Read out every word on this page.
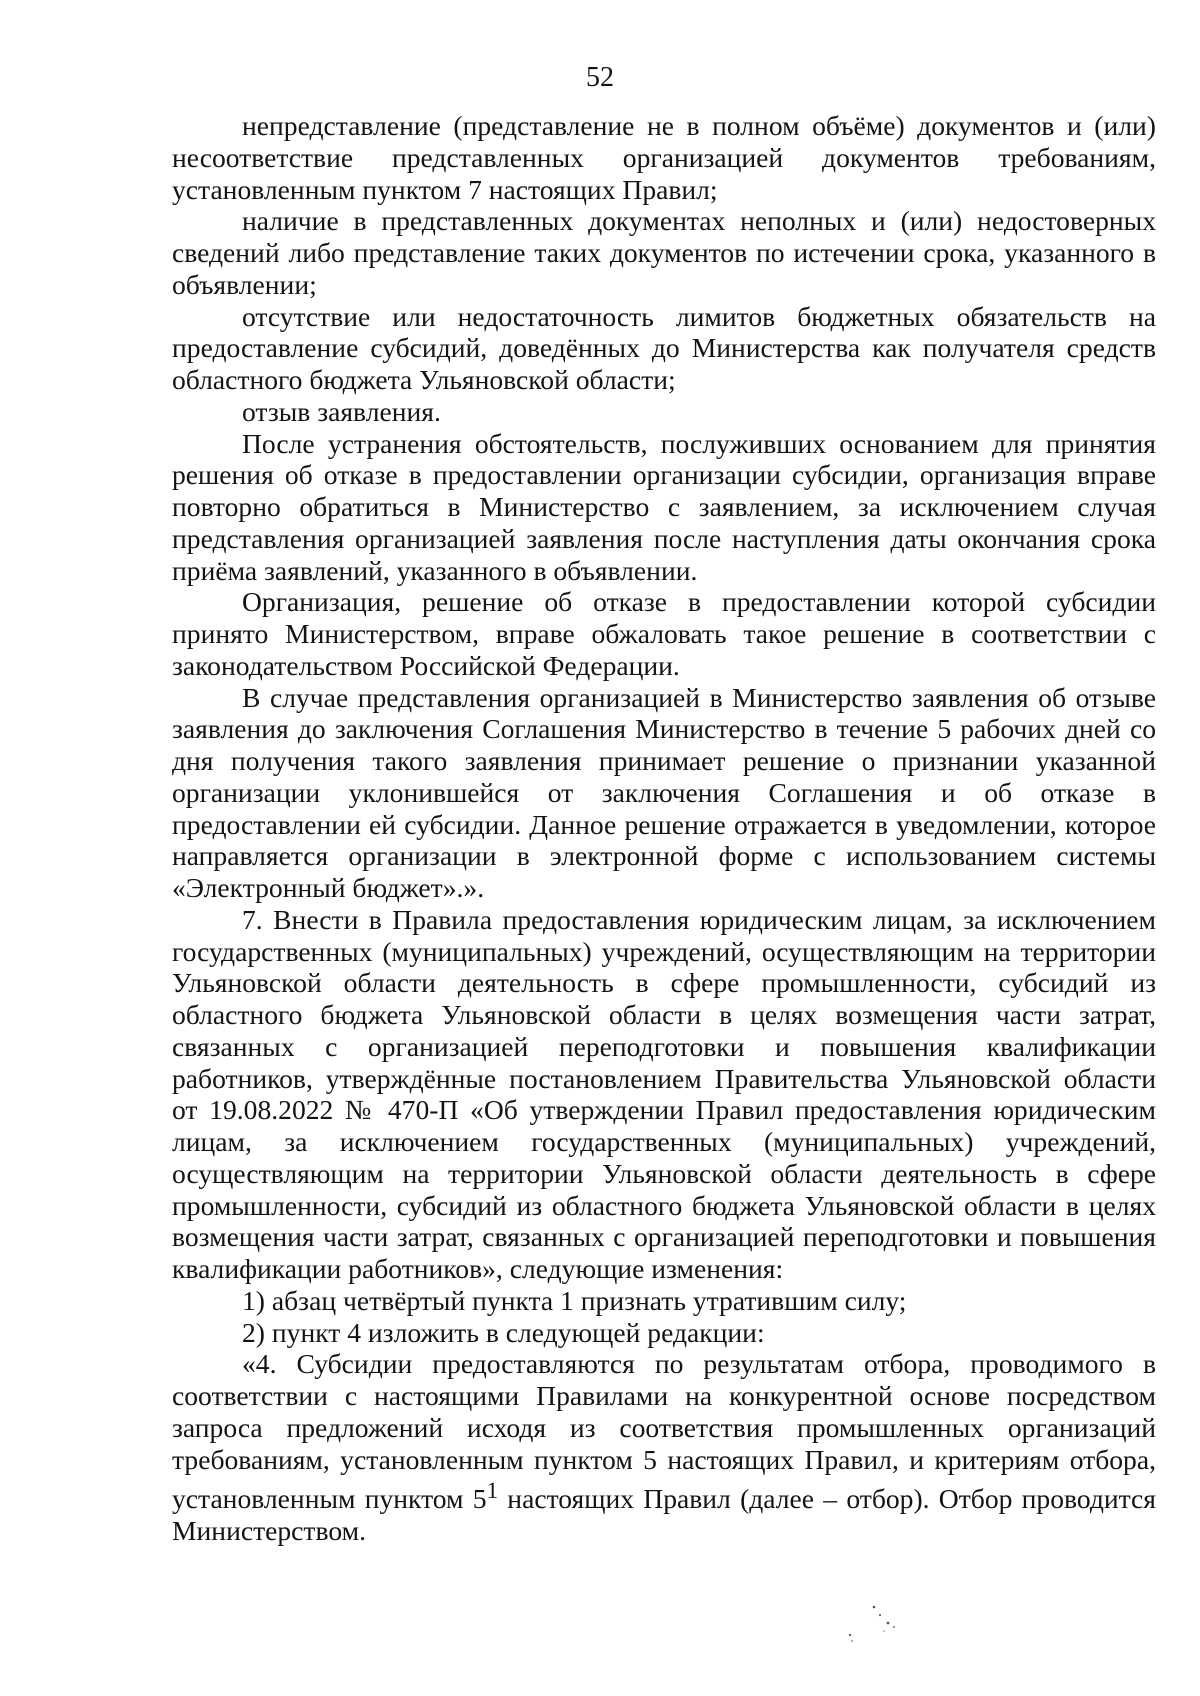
52

непредставление (представление не в полном объёме) документов и (или) несоответствие представленных организацией документов требованиям, установленным пунктом 7 настоящих Правил;

наличие в представленных документах неполных и (или) недостоверных сведений либо представление таких документов по истечении срока, указанного в объявлении;

отсутствие или недостаточность лимитов бюджетных обязательств на предоставление субсидий, доведённых до Министерства как получателя средств областного бюджета Ульяновской области;

отзыв заявления.

После устранения обстоятельств, послуживших основанием для принятия решения об отказе в предоставлении организации субсидии, организация вправе повторно обратиться в Министерство с заявлением, за исключением случая представления организацией заявления после наступления даты окончания срока приёма заявлений, указанного в объявлении.

Организация, решение об отказе в предоставлении которой субсидии принято Министерством, вправе обжаловать такое решение в соответствии с законодательством Российской Федерации.

В случае представления организацией в Министерство заявления об отзыве заявления до заключения Соглашения Министерство в течение 5 рабочих дней со дня получения такого заявления принимает решение о признании указанной организации уклонившейся от заключения Соглашения и об отказе в предоставлении ей субсидии. Данное решение отражается в уведомлении, которое направляется организации в электронной форме с использованием системы «Электронный бюджет».».

7. Внести в Правила предоставления юридическим лицам, за исключением государственных (муниципальных) учреждений, осуществляющим на территории Ульяновской области деятельность в сфере промышленности, субсидий из областного бюджета Ульяновской области в целях возмещения части затрат, связанных с организацией переподготовки и повышения квалификации работников, утверждённые постановлением Правительства Ульяновской области от 19.08.2022 № 470-П «Об утверждении Правил предоставления юридическим лицам, за исключением государственных (муниципальных) учреждений, осуществляющим на территории Ульяновской области деятельность в сфере промышленности, субсидий из областного бюджета Ульяновской области в целях возмещения части затрат, связанных с организацией переподготовки и повышения квалификации работников», следующие изменения:

1) абзац четвёртый пункта 1 признать утратившим силу;

2) пункт 4 изложить в следующей редакции:

«4. Субсидии предоставляются по результатам отбора, проводимого в соответствии с настоящими Правилами на конкурентной основе посредством запроса предложений исходя из соответствия промышленных организаций требованиям, установленным пунктом 5 настоящих Правил, и критериям отбора, установленным пунктом $5^1$ настоящих Правил (далее – отбор). Отбор проводится Министерством.
